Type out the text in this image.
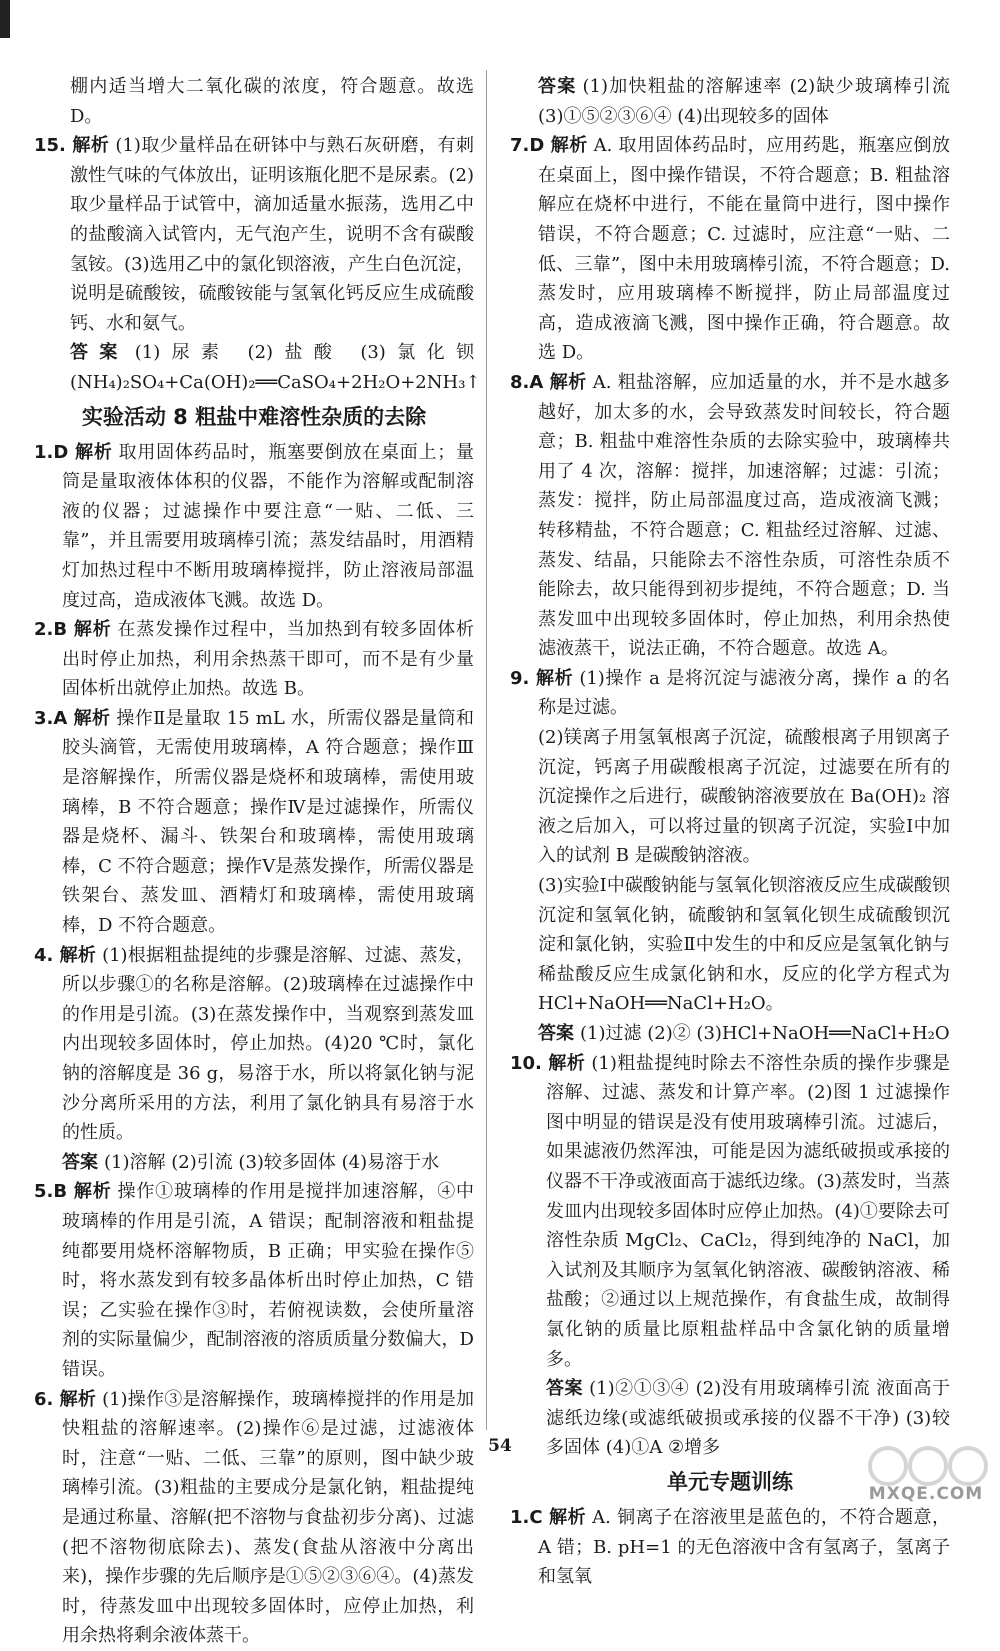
棚内适当增大二氧化碳的浓度，符合题意。故选 D。

15. 解析 (1)取少量样品在研钵中与熟石灰研磨，有刺激性气味的气体放出，证明该瓶化肥不是尿素。(2)取少量样品于试管中，滴加适量水振荡，选用乙中的盐酸滴入试管内，无气泡产生，说明不含有碳酸氢铵。(3)选用乙中的氯化钡溶液，产生白色沉淀，说明是硫酸铵，硫酸铵能与氢氧化钙反应生成硫酸钙、水和氨气。

答案 (1)尿素 (2)盐酸 (3)氯化钡 (NH₄)₂SO₄+Ca(OH)₂══CaSO₄+2H₂O+2NH₃↑

实验活动 8 粗盐中难溶性杂质的去除

1.D 解析 取用固体药品时，瓶塞要倒放在桌面上；量筒是量取液体体积的仪器，不能作为溶解或配制溶液的仪器；过滤操作中要注意“一贴、二低、三靠”，并且需要用玻璃棒引流；蒸发结晶时，用酒精灯加热过程中不断用玻璃棒搅拌，防止溶液局部温度过高，造成液体飞溅。故选 D。

2.B 解析 在蒸发操作过程中，当加热到有较多固体析出时停止加热，利用余热蒸干即可，而不是有少量固体析出就停止加热。故选 B。

3.A 解析 操作Ⅱ是量取 15 mL 水，所需仪器是量筒和胶头滴管，无需使用玻璃棒，A 符合题意；操作Ⅲ是溶解操作，所需仪器是烧杯和玻璃棒，需使用玻璃棒，B 不符合题意；操作Ⅳ是过滤操作，所需仪器是烧杯、漏斗、铁架台和玻璃棒，需使用玻璃棒，C 不符合题意；操作Ⅴ是蒸发操作，所需仪器是铁架台、蒸发皿、酒精灯和玻璃棒，需使用玻璃棒，D 不符合题意。

4. 解析 (1)根据粗盐提纯的步骤是溶解、过滤、蒸发，所以步骤①的名称是溶解。(2)玻璃棒在过滤操作中的作用是引流。(3)在蒸发操作中，当观察到蒸发皿内出现较多固体时，停止加热。(4)20 ℃时，氯化钠的溶解度是 36 g，易溶于水，所以将氯化钠与泥沙分离所采用的方法，利用了氯化钠具有易溶于水的性质。

答案 (1)溶解 (2)引流 (3)较多固体 (4)易溶于水

5.B 解析 操作①玻璃棒的作用是搅拌加速溶解，④中玻璃棒的作用是引流，A 错误；配制溶液和粗盐提纯都要用烧杯溶解物质，B 正确；甲实验在操作⑤时，将水蒸发到有较多晶体析出时停止加热，C 错误；乙实验在操作③时，若俯视读数，会使所量溶剂的实际量偏少，配制溶液的溶质质量分数偏大，D 错误。

6. 解析 (1)操作③是溶解操作，玻璃棒搅拌的作用是加快粗盐的溶解速率。(2)操作⑥是过滤，过滤液体时，注意“一贴、二低、三靠”的原则，图中缺少玻璃棒引流。(3)粗盐的主要成分是氯化钠，粗盐提纯是通过称量、溶解(把不溶物与食盐初步分离)、过滤(把不溶物彻底除去)、蒸发(食盐从溶液中分离出来)，操作步骤的先后顺序是①⑤②③⑥④。(4)蒸发时，待蒸发皿中出现较多固体时，应停止加热，利用余热将剩余液体蒸干。

答案 (1)加快粗盐的溶解速率 (2)缺少玻璃棒引流 (3)①⑤②③⑥④ (4)出现较多的固体

7.D 解析 A. 取用固体药品时，应用药匙，瓶塞应倒放在桌面上，图中操作错误，不符合题意；B. 粗盐溶解应在烧杯中进行，不能在量筒中进行，图中操作错误，不符合题意；C. 过滤时，应注意“一贴、二低、三靠”，图中未用玻璃棒引流，不符合题意；D. 蒸发时，应用玻璃棒不断搅拌，防止局部温度过高，造成液滴飞溅，图中操作正确，符合题意。故选 D。

8.A 解析 A. 粗盐溶解，应加适量的水，并不是水越多越好，加太多的水，会导致蒸发时间较长，符合题意；B. 粗盐中难溶性杂质的去除实验中，玻璃棒共用了 4 次，溶解：搅拌，加速溶解；过滤：引流；蒸发：搅拌，防止局部温度过高，造成液滴飞溅；转移精盐，不符合题意；C. 粗盐经过溶解、过滤、蒸发、结晶，只能除去不溶性杂质，可溶性杂质不能除去，故只能得到初步提纯，不符合题意；D. 当蒸发皿中出现较多固体时，停止加热，利用余热使滤液蒸干，说法正确，不符合题意。故选 A。

9. 解析 (1)操作 a 是将沉淀与滤液分离，操作 a 的名称是过滤。

(2)镁离子用氢氧根离子沉淀，硫酸根离子用钡离子沉淀，钙离子用碳酸根离子沉淀，过滤要在所有的沉淀操作之后进行，碳酸钠溶液要放在 Ba(OH)₂ 溶液之后加入，可以将过量的钡离子沉淀，实验Ⅰ中加入的试剂 B 是碳酸钠溶液。

(3)实验Ⅰ中碳酸钠能与氢氧化钡溶液反应生成碳酸钡沉淀和氢氧化钠，硫酸钠和氢氧化钡生成硫酸钡沉淀和氯化钠，实验Ⅱ中发生的中和反应是氢氧化钠与稀盐酸反应生成氯化钠和水，反应的化学方程式为 HCl+NaOH══NaCl+H₂O。

答案 (1)过滤 (2)② (3)HCl+NaOH══NaCl+H₂O

10. 解析 (1)粗盐提纯时除去不溶性杂质的操作步骤是溶解、过滤、蒸发和计算产率。(2)图 1 过滤操作图中明显的错误是没有使用玻璃棒引流。过滤后，如果滤液仍然浑浊，可能是因为滤纸破损或承接的仪器不干净或液面高于滤纸边缘。(3)蒸发时，当蒸发皿内出现较多固体时应停止加热。(4)①要除去可溶性杂质 MgCl₂、CaCl₂，得到纯净的 NaCl，加入试剂及其顺序为氢氧化钠溶液、碳酸钠溶液、稀盐酸；②通过以上规范操作，有食盐生成，故制得氯化钠的质量比原粗盐样品中含氯化钠的质量增多。

答案 (1)②①③④ (2)没有用玻璃棒引流 液面高于滤纸边缘(或滤纸破损或承接的仪器不干净) (3)较多固体 (4)①A ②增多

单元专题训练

1.C 解析 A. 铜离子在溶液里是蓝色的，不符合题意，A 错；B. pH=1 的无色溶液中含有氢离子，氢离子和氢氧

54
MXQE.COM
